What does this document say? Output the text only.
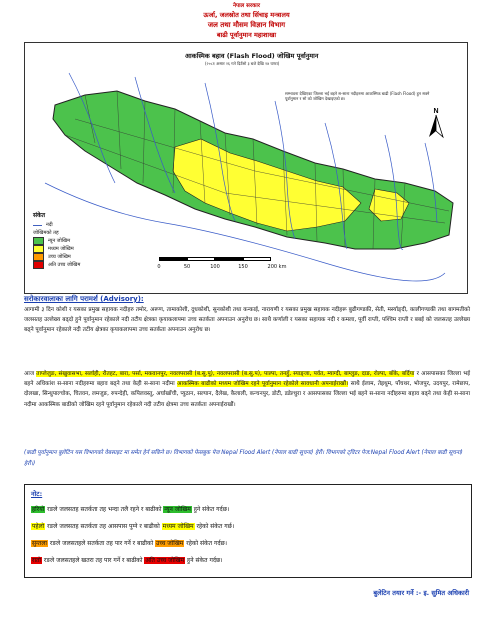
नेपाल सरकार
ऊर्जा, जलस्रोत तथा सिंचाइ मन्त्रालय
जल तथा मौसम विज्ञान विभाग
बाढी पूर्वानुमान महाशाखा
आकस्मिक बहाव (Flash Flood) जोखिम पूर्वानुमान
(२०८१ असार २६ गते दिउँसो ३ बजे देखि २४ घण्टा)
सम्भावना देखिएका जिल्ला भई बहने स-साना नदीहरुमा आकस्मिक बाढी (Flash Flood) हुन सक्ने पूर्वानुमान र सो को जोखिम देखाइएको छ।
N
संकेत
नदी
जोखिमको तह
न्यून जोखिम
मध्यम जोखिम
उच्च जोखिम
अति उच्च जोखिम	0	50	100	150	200 km
सरोकारवालाका लागि परामर्श (Advisory):
आगामी ३ दिन कोशी र यसका प्रमुख सहायक नदीहरु तमोर, अरूण, तामाकोशी, दुधकोशी, सुनकोशी तथा कन्काई, नारायणी र यसका प्रमुख सहायक नदीहरू बुढीगण्डकी, सेती, मर्स्याङ्दी, कालीगण्डकी तथा बागमतीको जलसतह उल्लेख्य बढ्दो हुने पूर्वानुमान रहेकाले नदी तटीय क्षेत्रका कृयाकलापमा उच्च सतर्कता अपनाउन अनुरोध छ। साथै कर्णाली र यसका सहायक नदी र कमला, पूर्वी राप्ती, पश्चिम राप्ती र बबई को जलसतह उल्लेख्य बढ्ने पूर्वानुमान रहेकाले नदी तटीय क्षेत्रका कृयाकलापमा उच्च सतर्कता अपनाउन अनुरोध छ।
आज ताप्लेजुङ, संखुवासभा, सर्लाही, रौतहट, बारा, पर्सा, मकवानपुर, नवलपरासी (ब.सु.पू), नवलपरासी (ब.सु.प), पाल्पा, तनहुँ, स्याङ्जा, पर्वत, म्याग्दी, बाग्लुङ, दाङ, रोल्पा, बाँके, बर्दिया र आसपासका जिल्ला भई बहने अधिकांश स-साना नदीहरुमा बहाव बढ्ने तथा केही स-साना नदीमा आकस्मिक बाढीको मध्यम जोखिम रहने पूर्वानुमान रहेकोले सावधानी अपनाईराखौं। साथै ईलाम, तेह्रथुम, पाँचथर, भोजपुर, उदयपुर, रामेछाप, दोलखा, सिन्धुपाल्चोक, चितवन, लमजुङ, रुपन्देही, कपिलवस्तु, अर्घाखाँची, प्युठान, सल्यान, दैलेख, कैलाली, कन्चनपुर, डोटी, डडेल्धुरा र आसपासका जिल्ला भई बहने स-साना नदीहरुमा बहाव बढ्ने तथा केही स-साना नदीमा आकस्मिक बाढीको जोखिम रहने पूर्वानुमान रहेकाले नदी तटीय क्षेत्रमा उच्च सतर्कता अपनाईराखौं।
(बाढी पूर्वानुमान बुलेटिन यस विभागको वेबसाइट मा समेत हेर्न सकिने छ। विभागको फेसबुक पेज Nepal Flood Alert (नेपाल बाढी सूचना) हेरौं। विभागको ट्विटर पेज:Nepal Flood Alert (नेपाल बाढी सूचना) हेरौं।)
नोट:
हरियो रङले जलसतह सतर्कता तह भन्दा तलै रहने र बाढीको न्यून जोखिम हुने संकेत गर्दछ।
पहेलो रङले जलसतह सतर्कता तह आसपास पुग्ने र बाढीको मध्यम जोखिम रहेको संकेत गर्छ।
सुन्तला रङले जलसतहले सतर्कता तह पार गर्ने र बाढीको उच्च जोखिम रहेको संकेत गर्दछ।
रातो रङले जलसतहले खतरा तह पार गर्ने र बाढीको अति उच्च जोखिम हुने संकेत गर्दछ।
बुलेटिन तयार गर्ने :- इ. सुमित अधिकारी
